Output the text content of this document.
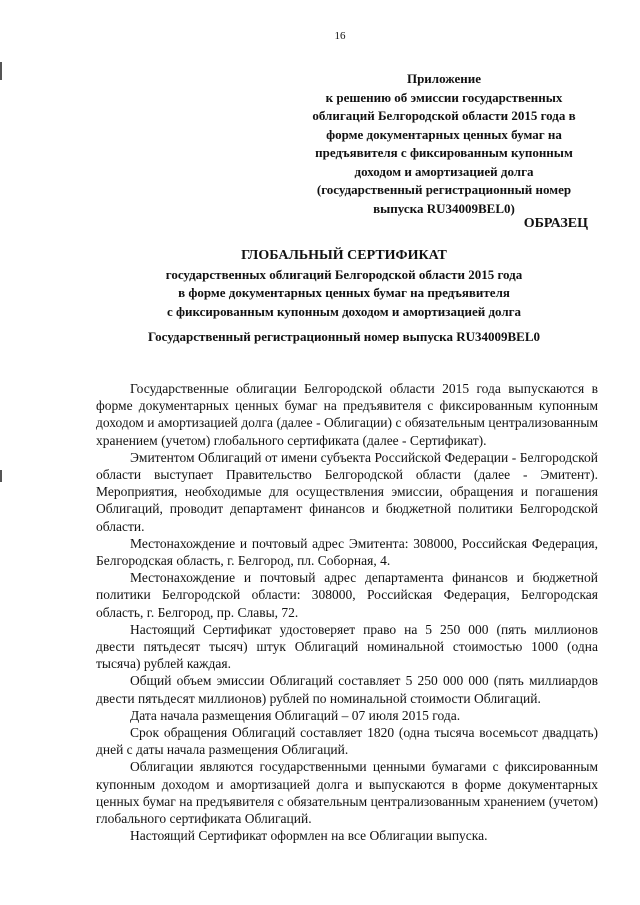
16
Приложение
к решению об эмиссии государственных
облигаций Белгородской области 2015 года в
форме документарных ценных бумаг на
предъявителя с фиксированным купонным
доходом и амортизацией долга
(государственный регистрационный номер
выпуска RU34009BEL0)
ОБРАЗЕЦ
ГЛОБАЛЬНЫЙ СЕРТИФИКАТ
государственных облигаций Белгородской области 2015 года
в форме документарных ценных бумаг на предъявителя
с фиксированным купонным доходом и амортизацией долга
Государственный регистрационный номер выпуска RU34009BEL0

Государственные облигации Белгородской области 2015 года выпускаются в форме документарных ценных бумаг на предъявителя с фиксированным купонным доходом и амортизацией долга (далее - Облигации) с обязательным централизованным хранением (учетом) глобального сертификата (далее - Сертификат).

Эмитентом Облигаций от имени субъекта Российской Федерации - Белгородской области выступает Правительство Белгородской области (далее - Эмитент). Мероприятия, необходимые для осуществления эмиссии, обращения и погашения Облигаций, проводит департамент финансов и бюджетной политики Белгородской области.

Местонахождение и почтовый адрес Эмитента: 308000, Российская Федерация, Белгородская область, г. Белгород, пл. Соборная, 4.

Местонахождение и почтовый адрес департамента финансов и бюджетной политики Белгородской области: 308000, Российская Федерация, Белгородская область, г. Белгород, пр. Славы, 72.

Настоящий Сертификат удостоверяет право на 5 250 000 (пять миллионов двести пятьдесят тысяч) штук Облигаций номинальной стоимостью 1000 (одна тысяча) рублей каждая.

Общий объем эмиссии Облигаций составляет 5 250 000 000 (пять миллиардов двести пятьдесят миллионов) рублей по номинальной стоимости Облигаций.

Дата начала размещения Облигаций – 07 июля 2015 года.

Срок обращения Облигаций составляет 1820 (одна тысяча восемьсот двадцать) дней с даты начала размещения Облигаций.

Облигации являются государственными ценными бумагами с фиксированным купонным доходом и амортизацией долга и выпускаются в форме документарных ценных бумаг на предъявителя с обязательным централизованным хранением (учетом) глобального сертификата Облигаций.

Настоящий Сертификат оформлен на все Облигации выпуска.
